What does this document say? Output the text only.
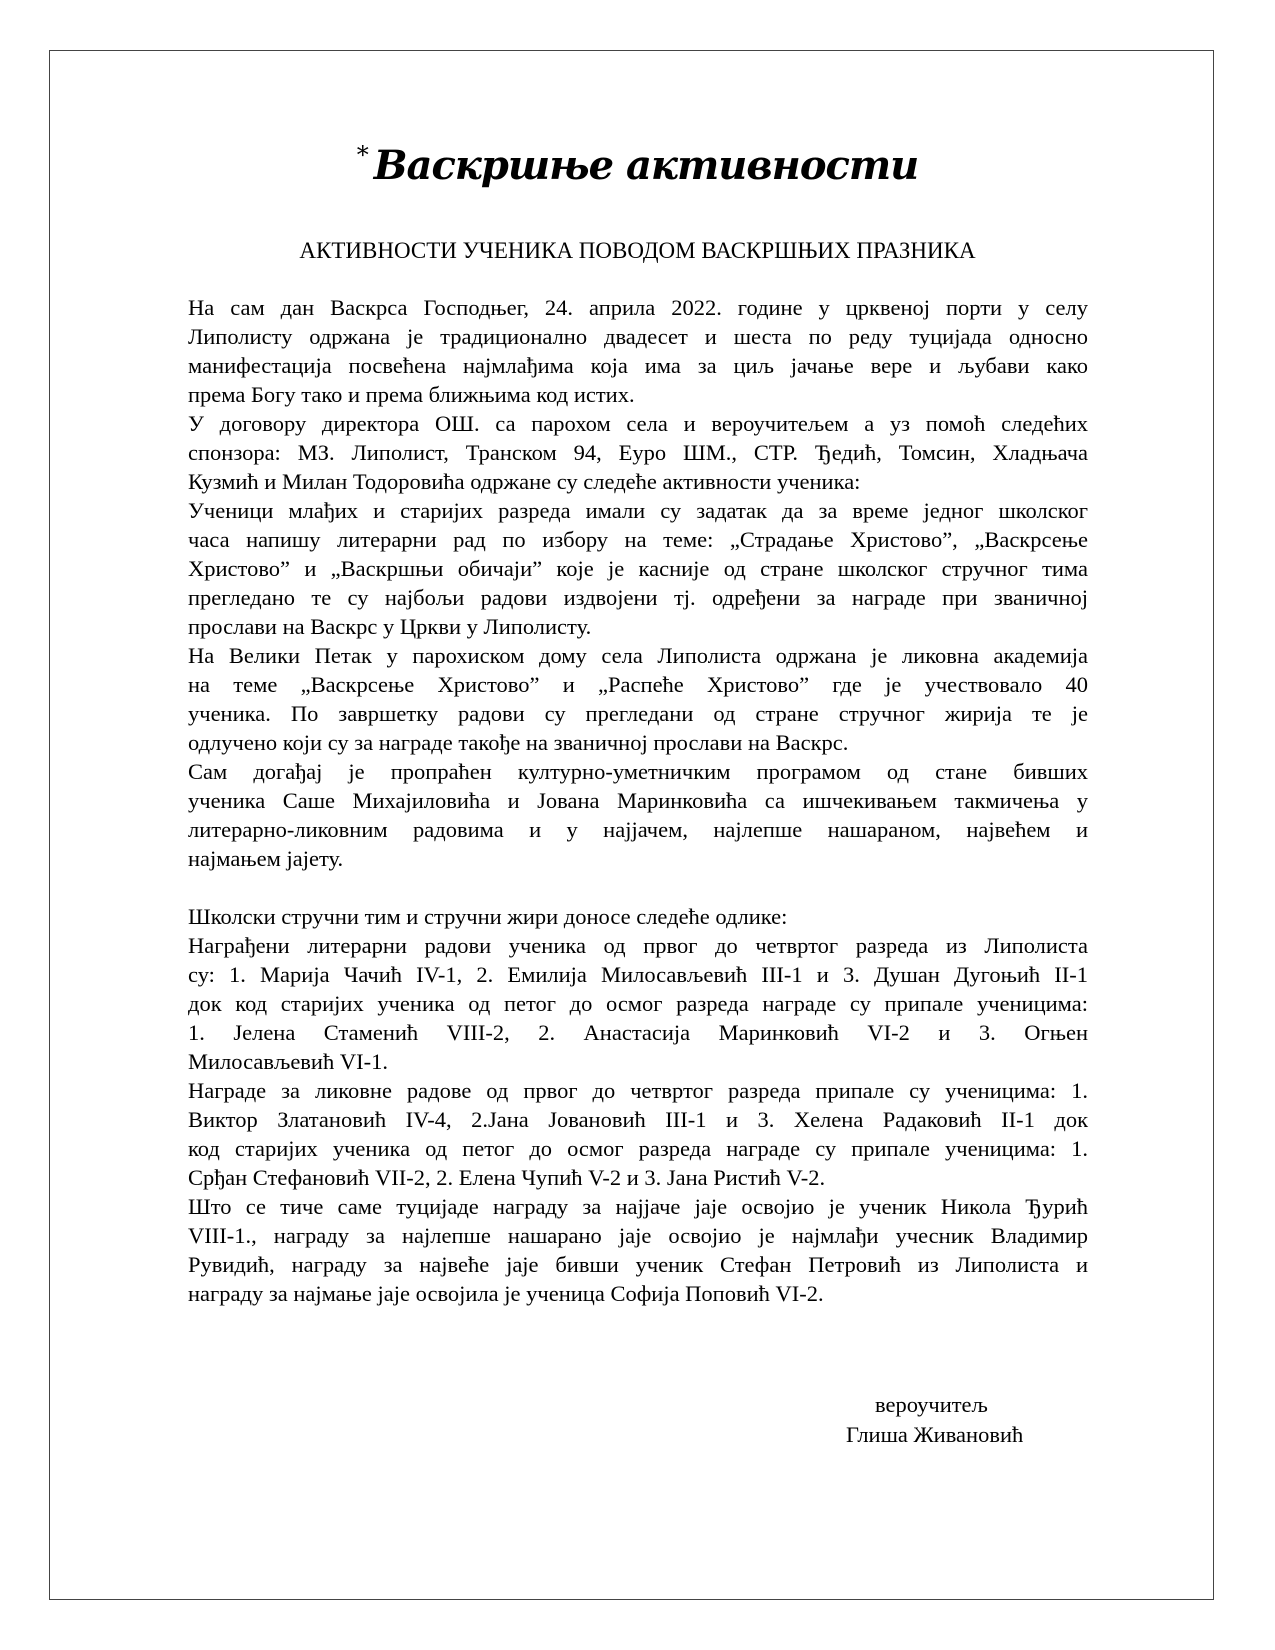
* Васкршње активности
АКТИВНОСТИ УЧЕНИКА ПОВОДОМ ВАСКРШЊИХ ПРАЗНИКА
На сам дан Васкрса Господњег, 24. априла 2022. године у црквеној порти у селу
Липолисту одржана је традиционално двадесет и шеста по реду туцијада односно
манифестација посвећена најмлађима која има за циљ јачање вере и љубави како
према Богу тако и према ближњима код истих.
У договору директора ОШ. са парохом села и вероучитељем а уз помоћ следећих
спонзора: МЗ. Липолист, Транском 94, Еуро ШМ., СТР. Ђедић, Томсин, Хладњача
Кузмић и Милан Тодоровића одржане су следеће активности ученика:
Ученици млађих и старијих разреда имали су задатак да за време једног школског
часа напишу литерарни рад по избору на теме: „Страдање Христово”, „Васкрсење
Христово” и „Васкршњи обичаји” које је касније од стране школског стручног тима
прегледано те су најбољи радови издвојени тј. одређени за награде при званичној
прослави на Васкрс у Цркви у Липолисту.
На Велики Петак у парохиском дому села Липолиста одржана је ликовна академија
на теме „Васкрсење Христово” и „Распеће Христово” где је учествовало 40
ученика. По завршетку радови су прегледани од стране стручног жирија те је
одлучено који су за награде такође на званичној прослави на Васкрс.
Сам догађај је пропраћен културно-уметничким програмом од стане бивших
ученика Саше Михајиловића и Јована Маринковића са ишчекивањем такмичења у
литерарно-ликовним радовима и у најјачем, најлепше нашараном, највећем и
најмањем јајету.
Школски стручни тим и стручни жири доносе следеће одлике:
Награђени литерарни радови ученика од првог до четвртог разреда из Липолиста
су: 1. Марија Чачић IV-1, 2. Емилија Милосављевић III-1 и 3. Душан Дугоњић II-1
док код старијих ученика од петог до осмог разреда награде су припале ученицима:
1. Јелена Стаменић VIII-2, 2. Анастасија Маринковић VI-2 и 3. Огњен
Милосављевић VI-1.
Награде за ликовне радове од првог до четвртог разреда припале су ученицима: 1.
Виктор Златановић IV-4, 2.Јана Јовановић III-1 и 3. Хелена Радаковић II-1 док
код старијих ученика од петог до осмог разреда награде су припале ученицима: 1.
Срђан Стефановић VII-2, 2. Елена Чупић V-2 и 3. Јана Ристић V-2.
Што се тиче саме туцијаде награду за најјаче јаје освојио је ученик Никола Ђурић
VIII-1., награду за најлепше нашарано јаје освојио је најмлађи учесник Владимир
Рувидић, награду за највеће јаје бивши ученик Стефан Петровић из Липолиста и
награду за најмање јаје освојила је ученица Софија Поповић VI-2.
вероучитељ
Глиша Живановић
